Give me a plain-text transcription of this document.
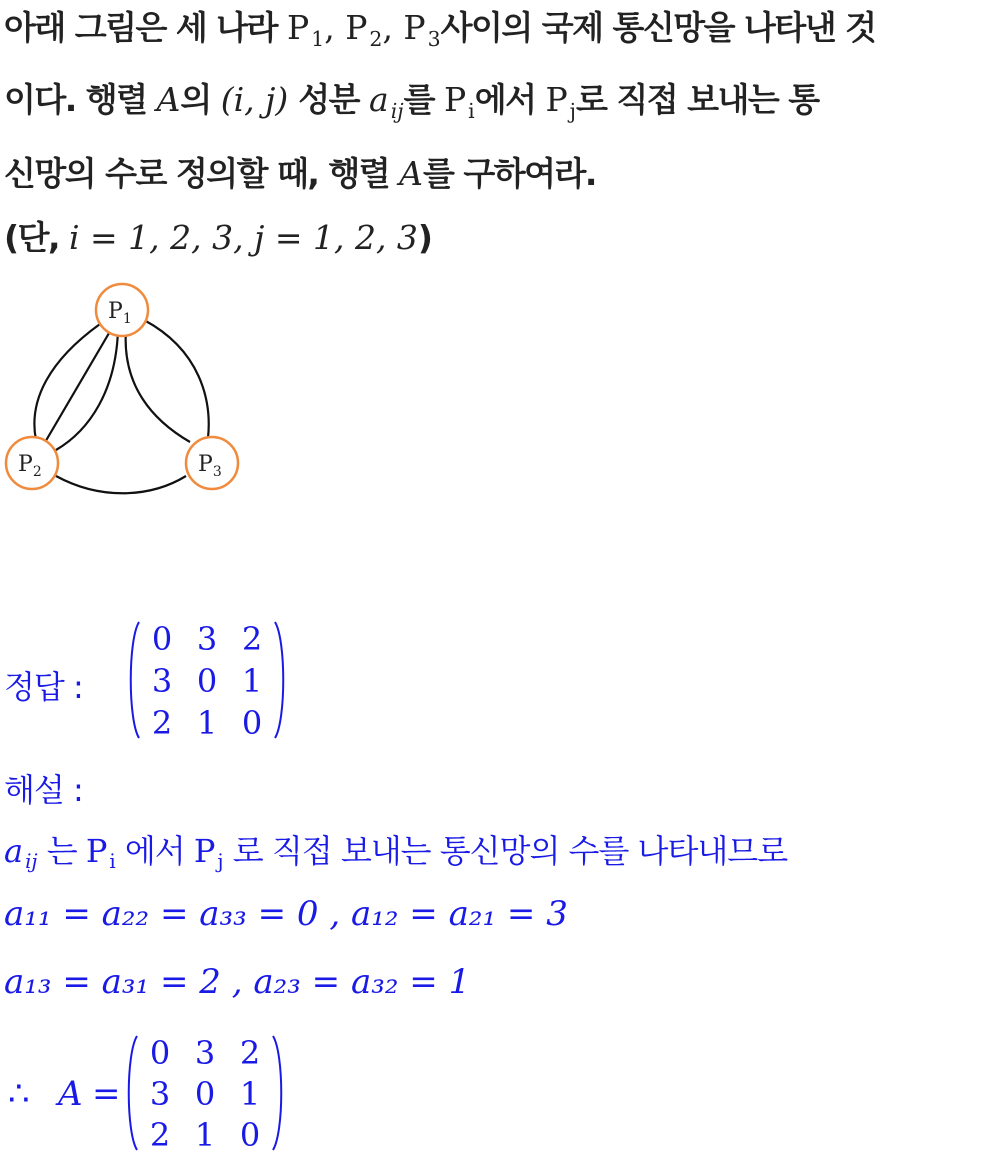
아래 그림은 세 나라 $P_1$, $P_2$, $P_3$사이의 국제 통신망을 나타낸 것
이다. 행렬 A의 (i, j) 성분 $a_{ij}$를 $P_i$에서 $P_j$로 직접 보내는 통
신망의 수로 정의할 때, 행렬 A를 구하여라.
(단, i = 1, 2, 3, j = 1, 2, 3)
$P_1$
$P_2$	$P_3$
정답 :
0 3 2
3 0 1
2 1 0
해설 :
a $_{ij}$ 는 P $_i$ 에서 P $_j$ 로 직접 보내는 통신망의 수를 나타내므로
a₁₁ = a₂₂ = a₃₃ = 0 , a₁₂ = a₂₁ = 3
a₁₃ = a₃₁ = 2 , a₂₃ = a₃₂ = 1
∴ A =
0 3 2
3 0 1
2 1 0
